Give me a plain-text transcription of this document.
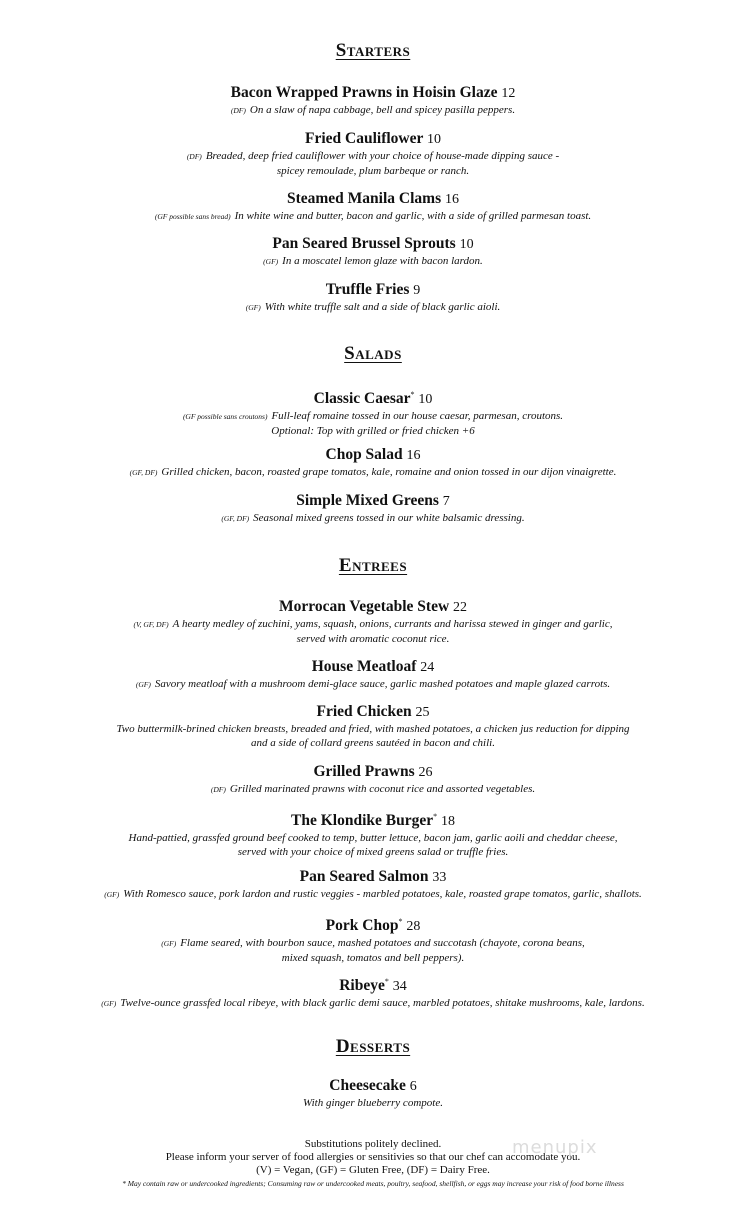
Starters
Bacon Wrapped Prawns in Hoisin Glaze 12
(DF) On a slaw of napa cabbage, bell and spicey pasilla peppers.
Fried Cauliflower 10
(DF) Breaded, deep fried cauliflower with your choice of house-made dipping sauce -
spicey remoulade, plum barbeque or ranch.
Steamed Manila Clams 16
(GF possible sans bread) In white wine and butter, bacon and garlic, with a side of grilled parmesan toast.
Pan Seared Brussel Sprouts 10
(GF) In a moscatel lemon glaze with bacon lardon.
Truffle Fries 9
(GF) With white truffle salt and a side of black garlic aioli.
Salads
Classic Caesar* 10
(GF possible sans croutons) Full-leaf romaine tossed in our house caesar, parmesan, croutons.
Optional: Top with grilled or fried chicken +6
Chop Salad 16
(GF, DF) Grilled chicken, bacon, roasted grape tomatos, kale, romaine and onion tossed in our dijon vinaigrette.
Simple Mixed Greens 7
(GF, DF) Seasonal mixed greens tossed in our white balsamic dressing.
Entrees
Morrocan Vegetable Stew 22
(V, GF, DF) A hearty medley of zuchini, yams, squash, onions, currants and harissa stewed in ginger and garlic,
served with aromatic coconut rice.
House Meatloaf 24
(GF) Savory meatloaf with a mushroom demi-glace sauce, garlic mashed potatoes and maple glazed carrots.
Fried Chicken 25
Two buttermilk-brined chicken breasts, breaded and fried, with mashed potatoes, a chicken jus reduction for dipping
and a side of collard greens sautéed in bacon and chili.
Grilled Prawns 26
(DF) Grilled marinated prawns with coconut rice and assorted vegetables.
The Klondike Burger* 18
Hand-pattied, grassfed ground beef cooked to temp, butter lettuce, bacon jam, garlic aoili and cheddar cheese,
served with your choice of mixed greens salad or truffle fries.
Pan Seared Salmon 33
(GF) With Romesco sauce, pork lardon and rustic veggies - marbled potatoes, kale, roasted grape tomatos, garlic, shallots.
Pork Chop* 28
(GF) Flame seared, with bourbon sauce, mashed potatoes and succotash (chayote, corona beans,
mixed squash, tomatos and bell peppers).
Ribeye* 34
(GF) Twelve-ounce grassfed local ribeye, with black garlic demi sauce, marbled potatoes, shitake mushrooms, kale, lardons.
Desserts
Cheesecake 6
With ginger blueberry compote.
Substitutions politely declined.
Please inform your server of food allergies or sensitivies so that our chef can accomodate you.
(V) = Vegan, (GF) = Gluten Free, (DF) = Dairy Free.
* May contain raw or undercooked ingredients; Consuming raw or undercooked meats, poultry, seafood, shellfish, or eggs may increase your risk of food borne illness
menupix
